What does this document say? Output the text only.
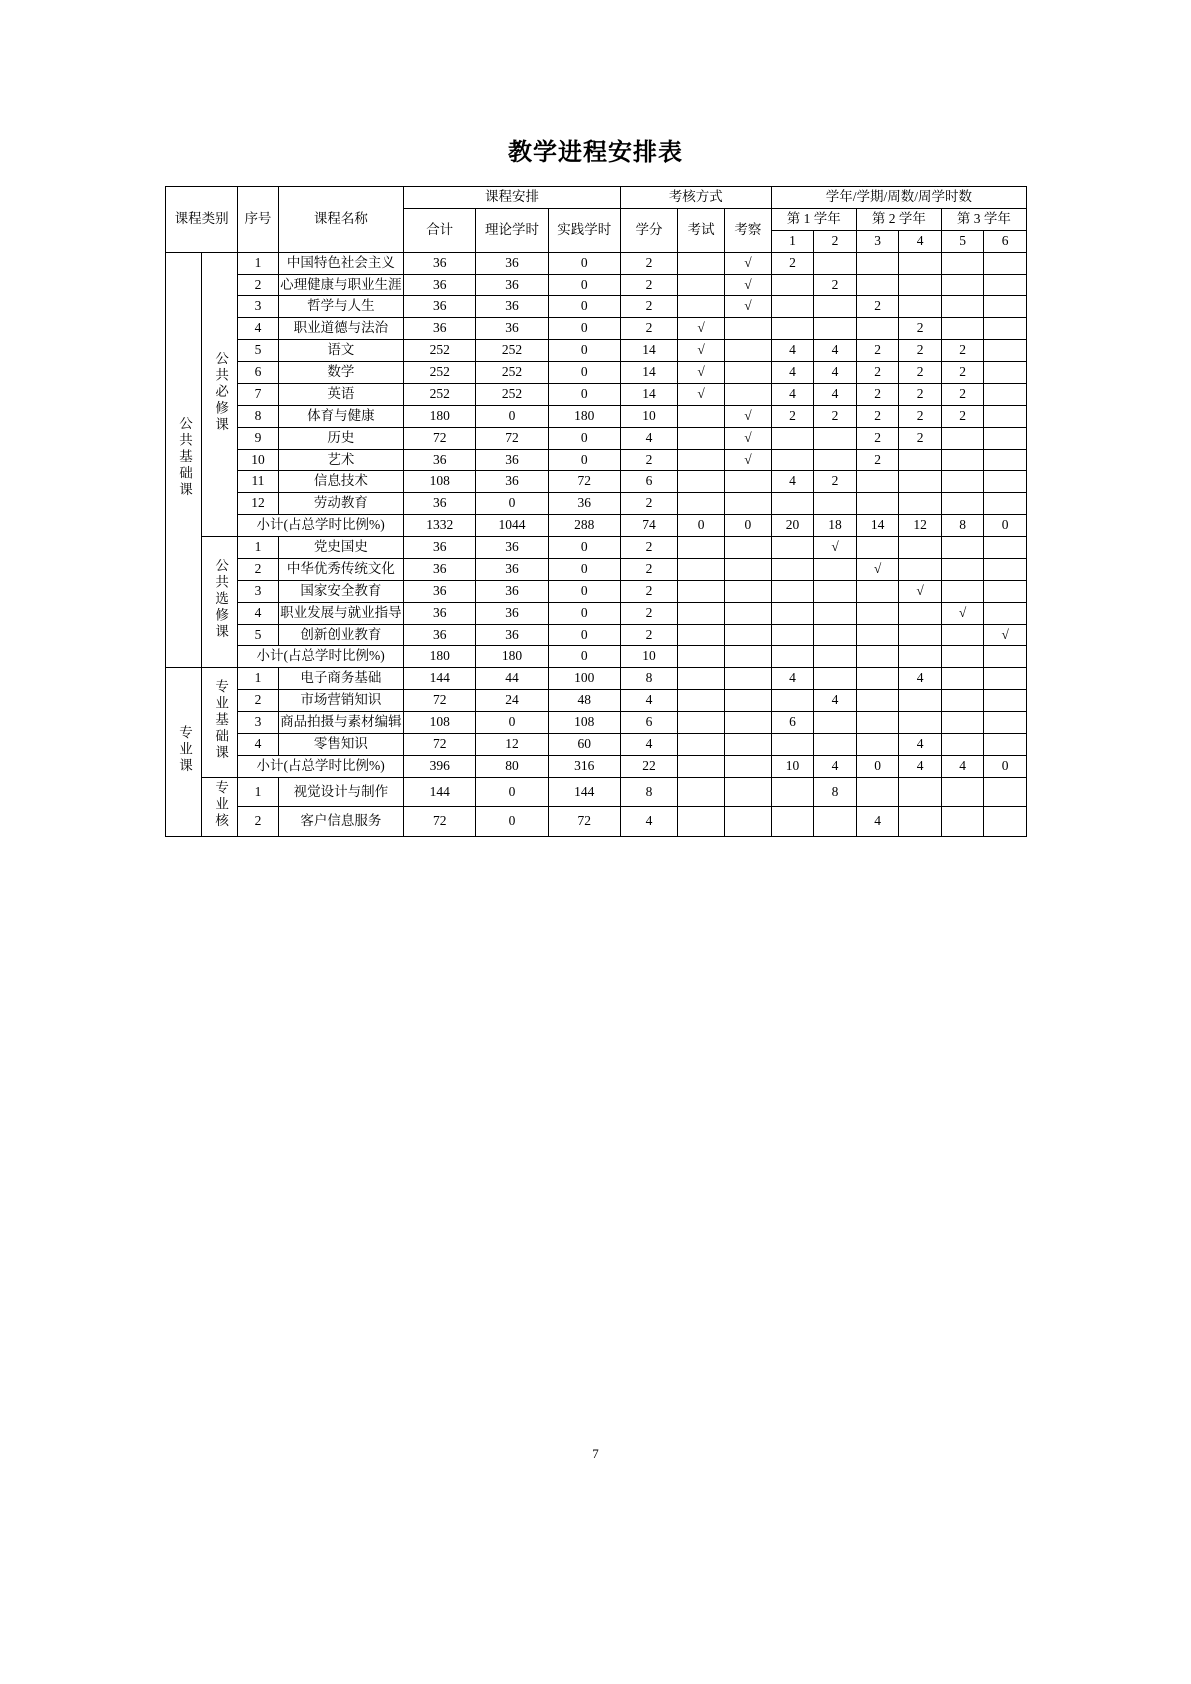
教学进程安排表
课程类别		序号	课程名称	课程安排			考核方式			学年/学期/周数/周学时数					
				合计	理论学时	实践学时	学分	考试	考察	第 1 学年		第 2 学年		第 3 学年	
										1	2	3	4	5	6
公共基础课	公共必修课	1	中国特色社会主义	36	36	0	2		√	2					
		2	心理健康与职业生涯	36	36	0	2		√		2				
		3	哲学与人生	36	36	0	2		√			2			
		4	职业道德与法治	36	36	0	2	√					2		
		5	语文	252	252	0	14	√		4	4	2	2	2	
		6	数学	252	252	0	14	√		4	4	2	2	2	
		7	英语	252	252	0	14	√		4	4	2	2	2	
		8	体育与健康	180	0	180	10		√	2	2	2	2	2	
		9	历史	72	72	0	4		√			2	2		
		10	艺术	36	36	0	2		√			2			
		11	信息技术	108	36	72	6			4	2				
		12	劳动教育	36	0	36	2								
		小计(占总学时比例%)		1332	1044	288	74	0	0	20	18	14	12	8	0
	公共选修课	1	党史国史	36	36	0	2				√				
		2	中华优秀传统文化	36	36	0	2					√			
		3	国家安全教育	36	36	0	2						√		
		4	职业发展与就业指导	36	36	0	2							√	
		5	创新创业教育	36	36	0	2								√
		小计(占总学时比例%)		180	180	0	10								
专业课	专业基础课	1	电子商务基础	144	44	100	8			4			4		
		2	市场营销知识	72	24	48	4				4				
		3	商品拍摄与素材编辑	108	0	108	6			6					
		4	零售知识	72	12	60	4						4		
		小计(占总学时比例%)		396	80	316	22			10	4	0	4	4	0
	专业核	1	视觉设计与制作	144	0	144	8				8				
		2	客户信息服务	72	0	72	4					4			
7
